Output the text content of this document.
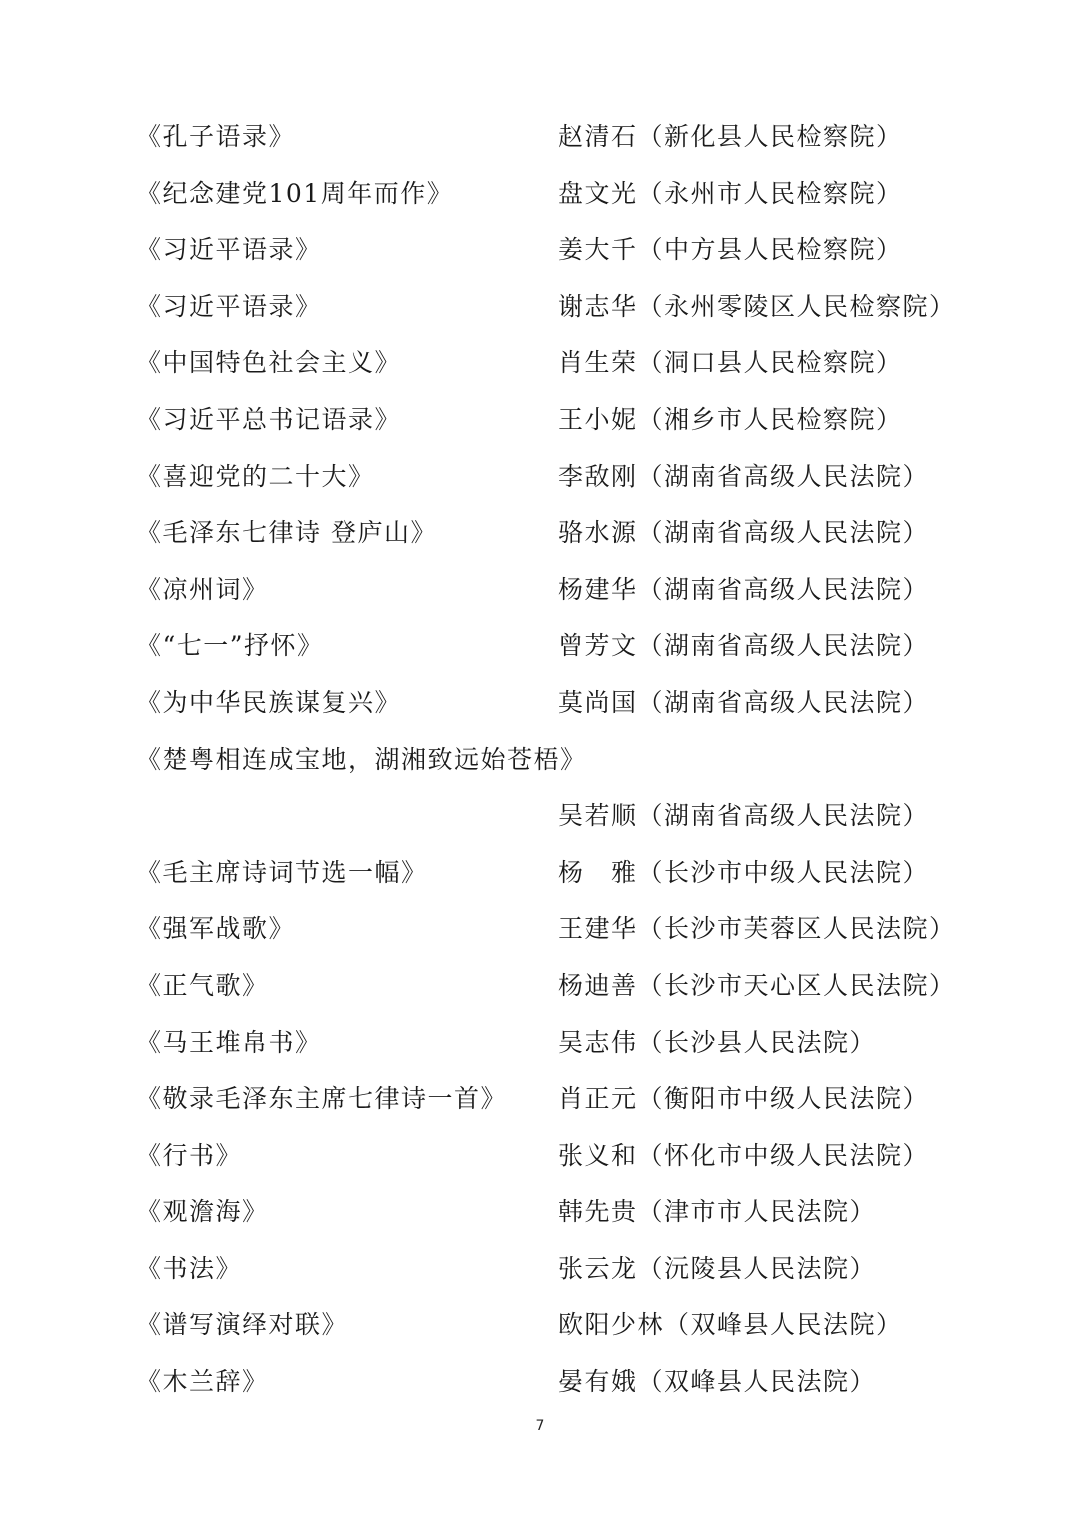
《孔子语录》	赵清石（新化县人民检察院）
《纪念建党101周年而作》	盘文光（永州市人民检察院）
《习近平语录》	姜大千（中方县人民检察院）
《习近平语录》	谢志华（永州零陵区人民检察院）
《中国特色社会主义》	肖生荣（洞口县人民检察院）
《习近平总书记语录》	王小妮（湘乡市人民检察院）
《喜迎党的二十大》	李敌刚（湖南省高级人民法院）
《毛泽东七律诗 登庐山》	骆水源（湖南省高级人民法院）
《凉州词》	杨建华（湖南省高级人民法院）
《“七一”抒怀》	曾芳文（湖南省高级人民法院）
《为中华民族谋复兴》	莫尚国（湖南省高级人民法院）
《楚粤相连成宝地，湖湘致远始苍梧》
吴若顺（湖南省高级人民法院）
《毛主席诗词节选一幅》	杨　雅（长沙市中级人民法院）
《强军战歌》	王建华（长沙市芙蓉区人民法院）
《正气歌》	杨迪善（长沙市天心区人民法院）
《马王堆帛书》	吴志伟（长沙县人民法院）
《敬录毛泽东主席七律诗一首》 肖正元（衡阳市中级人民法院）
《行书》	张义和（怀化市中级人民法院）
《观澹海》	韩先贵（津市市人民法院）
《书法》	张云龙（沅陵县人民法院）
《谱写演绎对联》	欧阳少林（双峰县人民法院）
《木兰辞》	晏有娥（双峰县人民法院）
7
